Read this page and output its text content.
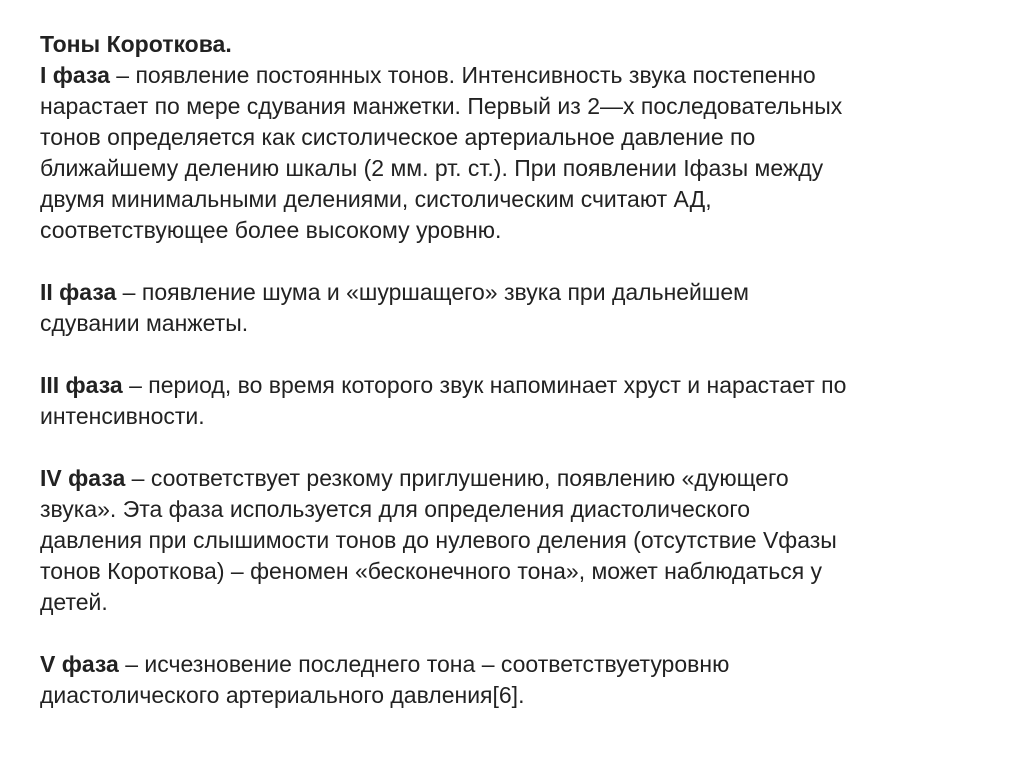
Тоны Короткова.
I фаза – появление постоянных тонов. Интенсивность звука постепенно
нарастает по мере сдувания манжетки. Первый из 2—х последовательных
тонов определяется как систолическое артериальное давление по
ближайшему делению шкалы (2 мм. рт. ст.). При появлении Iфазы между
двумя минимальными делениями, систолическим считают АД,
соответствующее более высокому уровню.
II фаза – появление шума и «шуршащего» звука при дальнейшем
сдувании манжеты.
III фаза – период, во время которого звук напоминает хруст и нарастает по
интенсивности.
IV фаза – соответствует резкому приглушению, появлению «дующего
звука». Эта фаза используется для определения диастолического
давления при слышимости тонов до нулевого деления (отсутствие Vфазы
тонов Короткова) – феномен «бесконечного тона», может наблюдаться у
детей.
V фаза – исчезновение последнего тона – соответствуетуровню
диастолического артериального давления[6].
